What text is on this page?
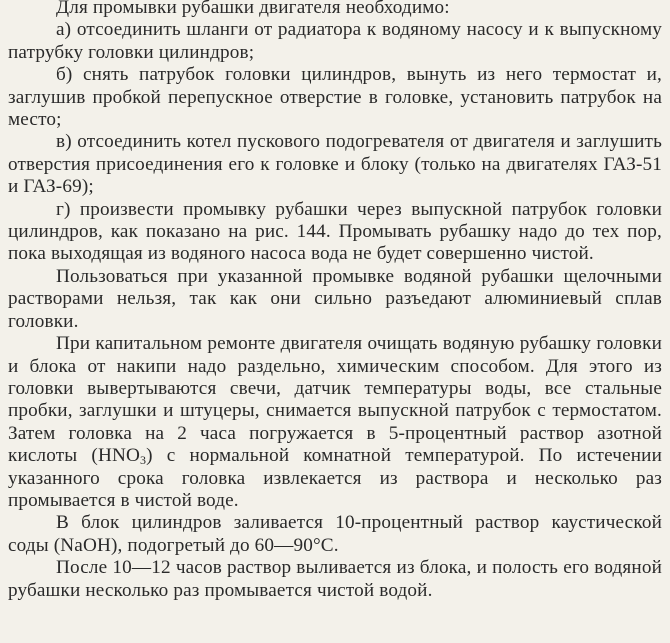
Для промывки рубашки двигателя необходимо:

а) отсоединить шланги от радиатора к водяному насосу и к выпускному патрубку головки цилиндров;

б) снять патрубок головки цилиндров, вынуть из него термостат и, заглушив пробкой перепускное отверстие в головке, установить патрубок на место;

в) отсоединить котел пускового подогревателя от двигателя и заглушить отверстия присоединения его к головке и блоку (только на двигателях ГАЗ-51 и ГАЗ-69);

г) произвести промывку рубашки через выпускной патрубок головки цилиндров, как показано на рис. 144. Промывать рубашку надо до тех пор, пока выходящая из водяного насоса вода не будет совершенно чистой.

Пользоваться при указанной промывке водяной рубашки щелочными растворами нельзя, так как они сильно разъедают алюминиевый сплав головки.

При капитальном ремонте двигателя очищать водяную рубашку головки и блока от накипи надо раздельно, химическим способом. Для этого из головки вывертываются свечи, датчик температуры воды, все стальные пробки, заглушки и штуцеры, снимается выпускной патрубок с термостатом. Затем головка на 2 часа погружается в 5-процентный раствор азотной кислоты $(HNO_3)$ с нормальной комнатной температурой. По истечении указанного срока головка извлекается из раствора и несколько раз промывается в чистой воде.

В блок цилиндров заливается 10-процентный раствор каустической соды (NaOH), подогретый до 60—90°C.

После 10—12 часов раствор выливается из блока, и полость его водяной рубашки несколько раз промывается чистой водой.
